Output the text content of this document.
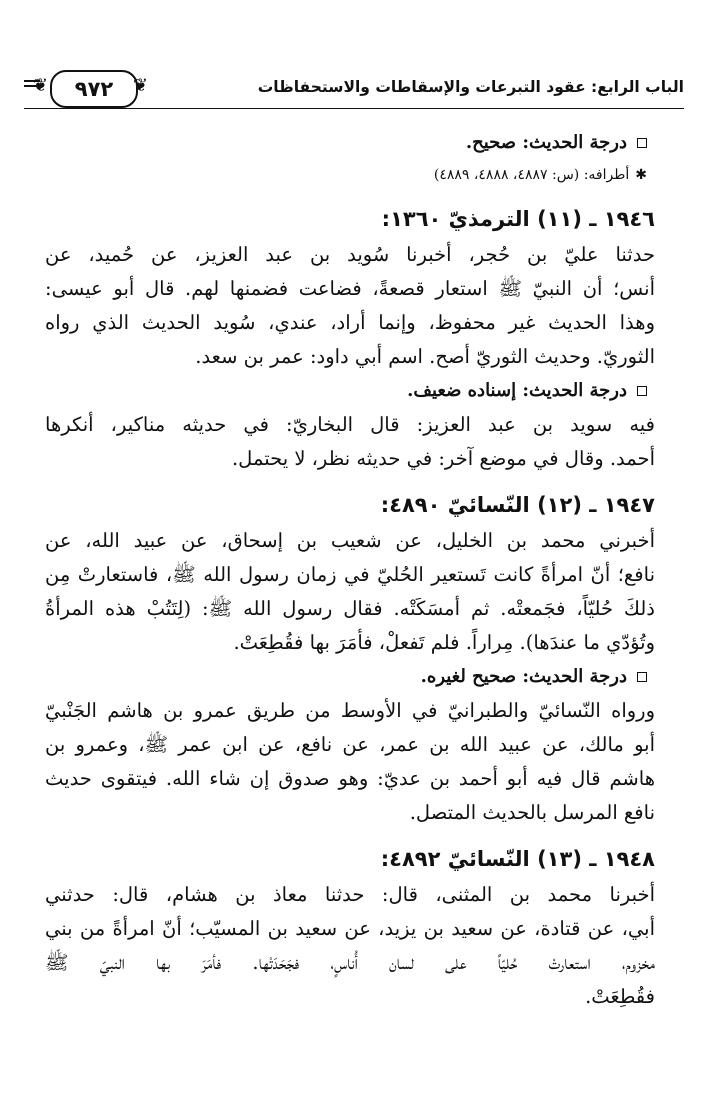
الباب الرابع: عقود التبرعات والإسقاطات والاستحفاظات
❦ ٩٧٢ ❦
درجة الحديث: صحيح.
✱أطرافه: (س: ٤٨٨٧، ٤٨٨٨، ٤٨٨٩)
١٩٤٦ ـ (١١) الترمذيّ ١٣٦٠:
حدثنا عليّ بن حُجر، أخبرنا سُويد بن عبد العزيز، عن حُميد، عن
أنس؛ أن النبيّ ﷺ استعار قصعةً، فضاعت فضمنها لهم. قال أبو عيسى:
وهذا الحديث غير محفوظ، وإنما أراد، عندي، سُويد الحديث الذي رواه
الثوريّ. وحديث الثوريّ أصح. اسم أبي داود: عمر بن سعد.
درجة الحديث: إسناده ضعيف.
فيه سويد بن عبد العزيز: قال البخاريّ: في حديثه مناكير، أنكرها
أحمد. وقال في موضع آخر: في حديثه نظر، لا يحتمل.
١٩٤٧ ـ (١٢) النّسائيّ ٤٨٩٠:
أخبرني محمد بن الخليل، عن شعيب بن إسحاق، عن عبيد الله، عن
نافع؛ أنّ امرأةً كانت تَستعير الحُليّ في زمان رسول الله ﷺ، فاستعارتْ مِن
ذلكَ حُليّاً، فجَمعتْه. ثم أمسَكَتْه. فقال رسول الله ﷺ: (لِتَتُبْ هذه المرأةُ
وتُؤدّي ما عندَها). مِراراً. فلم تَفعلْ، فأمَرَ بها فقُطِعَتْ.
درجة الحديث: صحيح لغيره.
ورواه النّسائيّ والطبرانيّ في الأوسط من طريق عمرو بن هاشم الجَنْبيّ
أبو مالك، عن عبيد الله بن عمر، عن نافع، عن ابن عمر ﷺ، وعمرو بن
هاشم قال فيه أبو أحمد بن عديّ: وهو صدوق إن شاء الله. فيتقوى حديث
نافع المرسل بالحديث المتصل.
١٩٤٨ ـ (١٣) النّسائيّ ٤٨٩٢:
أخبرنا محمد بن المثنى، قال: حدثنا معاذ بن هشام، قال: حدثني
أبي، عن قتادة، عن سعيد بن يزيد، عن سعيد بن المسيّب؛ أنّ امرأةً من بني
مخزوم، استعارتْ حُليّاً على لسان أُناسٍ، فجَحَدَتْها. فأمَرَ بها النبيّ ﷺ
فقُطِعَتْ.
